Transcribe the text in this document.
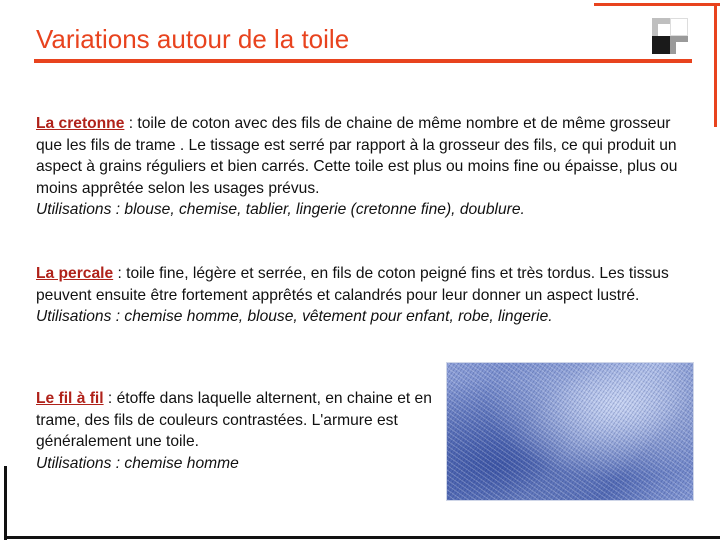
Variations autour de la toile
La cretonne : toile de coton avec des fils de chaine de même nombre et de même grosseur que les fils de trame . Le tissage est serré par rapport à la grosseur des fils, ce qui produit un aspect à grains réguliers et bien carrés. Cette toile est plus ou moins fine ou épaisse, plus ou moins apprêtée selon les usages prévus.
Utilisations : blouse, chemise, tablier, lingerie (cretonne fine), doublure.
La percale : toile fine, légère et serrée, en fils de coton peigné fins et très tordus. Les tissus peuvent ensuite être fortement apprêtés et calandrés pour leur donner un aspect lustré.
Utilisations : chemise homme, blouse, vêtement pour enfant, robe, lingerie.
Le fil à fil : étoffe dans laquelle alternent, en chaine et en trame, des fils de couleurs contrastées. L'armure est généralement une toile.
Utilisations : chemise homme
